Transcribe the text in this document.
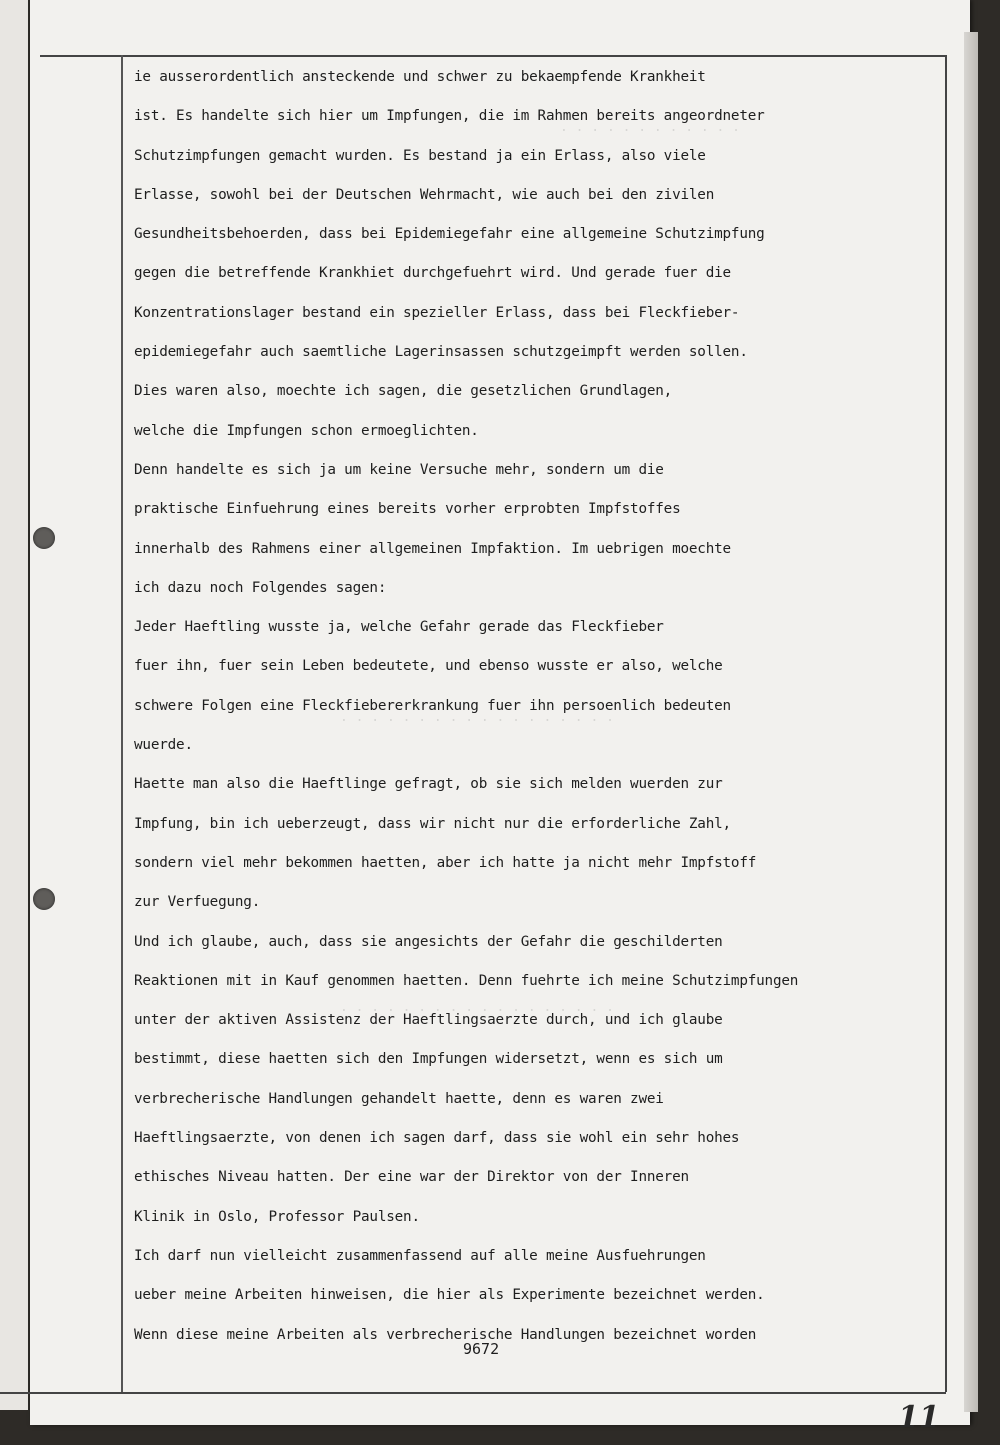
. . . . . . . . . . . .
. . . . . . . . . . . . . . . . . .
. . . . . . . . . . . . . . . . . .
ie ausserordentlich ansteckende und schwer zu bekaempfende Krankheit
ist. Es handelte sich hier um Impfungen, die im Rahmen bereits angeordneter
Schutzimpfungen gemacht wurden. Es bestand ja ein Erlass, also viele
Erlasse, sowohl bei der Deutschen Wehrmacht, wie auch bei den zivilen
Gesundheitsbehoerden, dass bei Epidemiegefahr eine allgemeine Schutzimpfung
gegen die betreffende Krankhiet durchgefuehrt wird. Und gerade fuer die
Konzentrationslager bestand ein spezieller Erlass, dass bei Fleckfieber-
epidemiegefahr auch saemtliche Lagerinsassen schutzgeimpft werden sollen.
Dies waren also, moechte ich sagen, die gesetzlichen Grundlagen,
welche die Impfungen schon ermoeglichten.
Denn handelte es sich ja um keine Versuche mehr, sondern um die
praktische Einfuehrung eines bereits vorher erprobten Impfstoffes
innerhalb des Rahmens einer allgemeinen Impfaktion. Im uebrigen moechte
ich dazu noch Folgendes sagen:
Jeder Haeftling wusste ja, welche Gefahr gerade das Fleckfieber
fuer ihn, fuer sein Leben bedeutete, und ebenso wusste er also, welche
schwere Folgen eine Fleckfiebererkrankung fuer ihn persoenlich bedeuten
wuerde.
Haette man also die Haeftlinge gefragt, ob sie sich melden wuerden zur
Impfung, bin ich ueberzeugt, dass wir nicht nur die erforderliche Zahl,
sondern viel mehr bekommen haetten, aber ich hatte ja nicht mehr Impfstoff
zur Verfuegung.
Und ich glaube, auch, dass sie angesichts der Gefahr die geschilderten
Reaktionen mit in Kauf genommen haetten. Denn fuehrte ich meine Schutzimpfungen
unter der aktiven Assistenz der Haeftlingsaerzte durch, und ich glaube
bestimmt, diese haetten sich den Impfungen widersetzt, wenn es sich um
verbrecherische Handlungen gehandelt haette, denn es waren zwei
Haeftlingsaerzte, von denen ich sagen darf, dass sie wohl ein sehr hohes
ethisches Niveau hatten. Der eine war der Direktor von der Inneren
Klinik in Oslo, Professor Paulsen.
Ich darf nun vielleicht zusammenfassend auf alle meine Ausfuehrungen
ueber meine Arbeiten hinweisen, die hier als Experimente bezeichnet werden.
Wenn diese meine Arbeiten als verbrecherische Handlungen bezeichnet worden
9672
11
